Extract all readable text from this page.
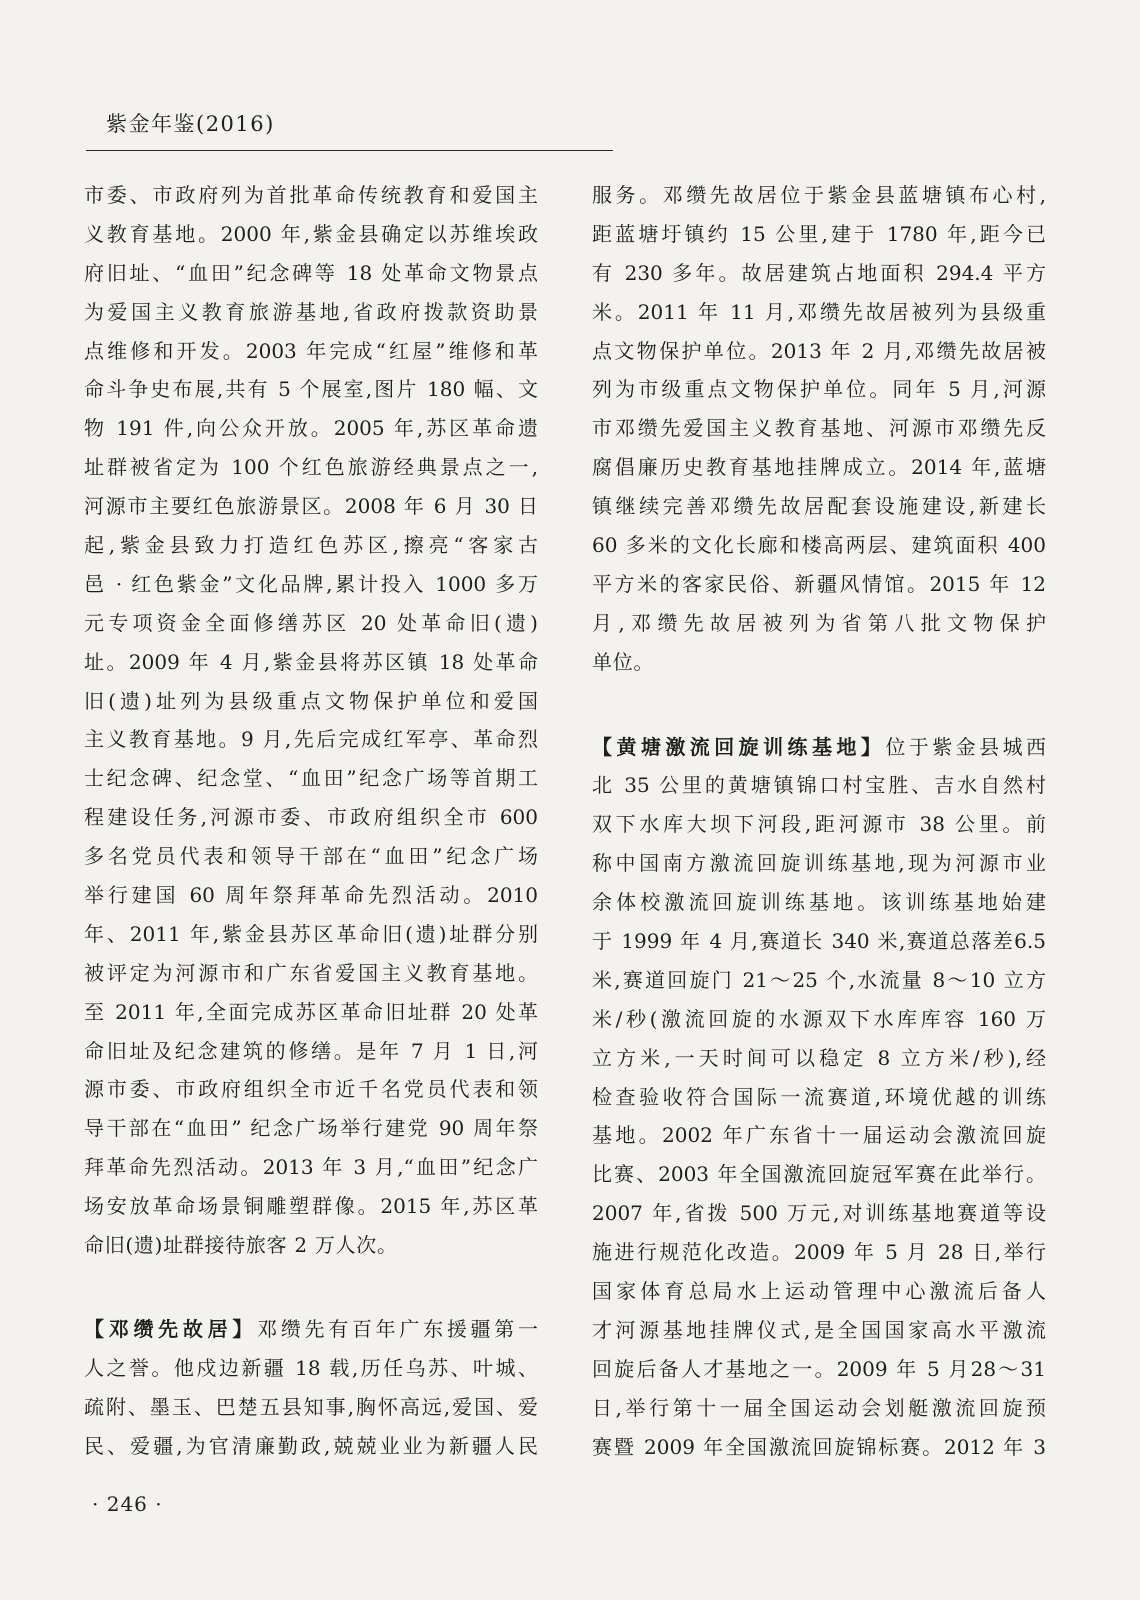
紫金年鉴(2016)
市委、市政府列为首批革命传统教育和爱国主
义教育基地。2000 年,紫金县确定以苏维埃政
府旧址、“血田”纪念碑等 18 处革命文物景点
为爱国主义教育旅游基地,省政府拨款资助景
点维修和开发。2003 年完成“红屋”维修和革
命斗争史布展,共有 5 个展室,图片 180 幅、文
物 191 件,向公众开放。2005 年,苏区革命遗
址群被省定为 100 个红色旅游经典景点之一,
河源市主要红色旅游景区。2008 年 6 月 30 日
起,紫金县致力打造红色苏区,擦亮“客家古
邑 · 红色紫金”文化品牌,累计投入 1000 多万
元专项资金全面修缮苏区 20 处革命旧(遗)
址。2009 年 4 月,紫金县将苏区镇 18 处革命
旧(遗)址列为县级重点文物保护单位和爱国
主义教育基地。9 月,先后完成红军亭、革命烈
士纪念碑、纪念堂、“血田”纪念广场等首期工
程建设任务,河源市委、市政府组织全市 600
多名党员代表和领导干部在“血田”纪念广场
举行建国 60 周年祭拜革命先烈活动。2010
年、2011 年,紫金县苏区革命旧(遗)址群分别
被评定为河源市和广东省爱国主义教育基地。
至 2011 年,全面完成苏区革命旧址群 20 处革
命旧址及纪念建筑的修缮。是年 7 月 1 日,河
源市委、市政府组织全市近千名党员代表和领
导干部在“血田” 纪念广场举行建党 90 周年祭
拜革命先烈活动。2013 年 3 月,“血田”纪念广
场安放革命场景铜雕塑群像。2015 年,苏区革
命旧(遗)址群接待旅客 2 万人次。
【邓缵先故居】邓缵先有百年广东援疆第一
人之誉。他戍边新疆 18 载,历任乌苏、叶城、
疏附、墨玉、巴楚五县知事,胸怀高远,爱国、爱
民、爱疆,为官清廉勤政,兢兢业业为新疆人民
服务。邓缵先故居位于紫金县蓝塘镇布心村,
距蓝塘圩镇约 15 公里,建于 1780 年,距今已
有 230 多年。故居建筑占地面积 294.4 平方
米。2011 年 11 月,邓缵先故居被列为县级重
点文物保护单位。2013 年 2 月,邓缵先故居被
列为市级重点文物保护单位。同年 5 月,河源
市邓缵先爱国主义教育基地、河源市邓缵先反
腐倡廉历史教育基地挂牌成立。2014 年,蓝塘
镇继续完善邓缵先故居配套设施建设,新建长
60 多米的文化长廊和楼高两层、建筑面积 400
平方米的客家民俗、新疆风情馆。2015 年 12
月,邓缵先故居被列为省第八批文物保护
单位。
【黄塘激流回旋训练基地】位于紫金县城西
北 35 公里的黄塘镇锦口村宝胜、吉水自然村
双下水库大坝下河段,距河源市 38 公里。前
称中国南方激流回旋训练基地,现为河源市业
余体校激流回旋训练基地。该训练基地始建
于 1999 年 4 月,赛道长 340 米,赛道总落差6.5
米,赛道回旋门 21～25 个,水流量 8～10 立方
米/秒(激流回旋的水源双下水库库容 160 万
立方米,一天时间可以稳定 8 立方米/秒),经
检查验收符合国际一流赛道,环境优越的训练
基地。2002 年广东省十一届运动会激流回旋
比赛、2003 年全国激流回旋冠军赛在此举行。
2007 年,省拨 500 万元,对训练基地赛道等设
施进行规范化改造。2009 年 5 月 28 日,举行
国家体育总局水上运动管理中心激流后备人
才河源基地挂牌仪式,是全国国家高水平激流
回旋后备人才基地之一。2009 年 5 月28～31
日,举行第十一届全国运动会划艇激流回旋预
赛暨 2009 年全国激流回旋锦标赛。2012 年 3
· 246 ·
